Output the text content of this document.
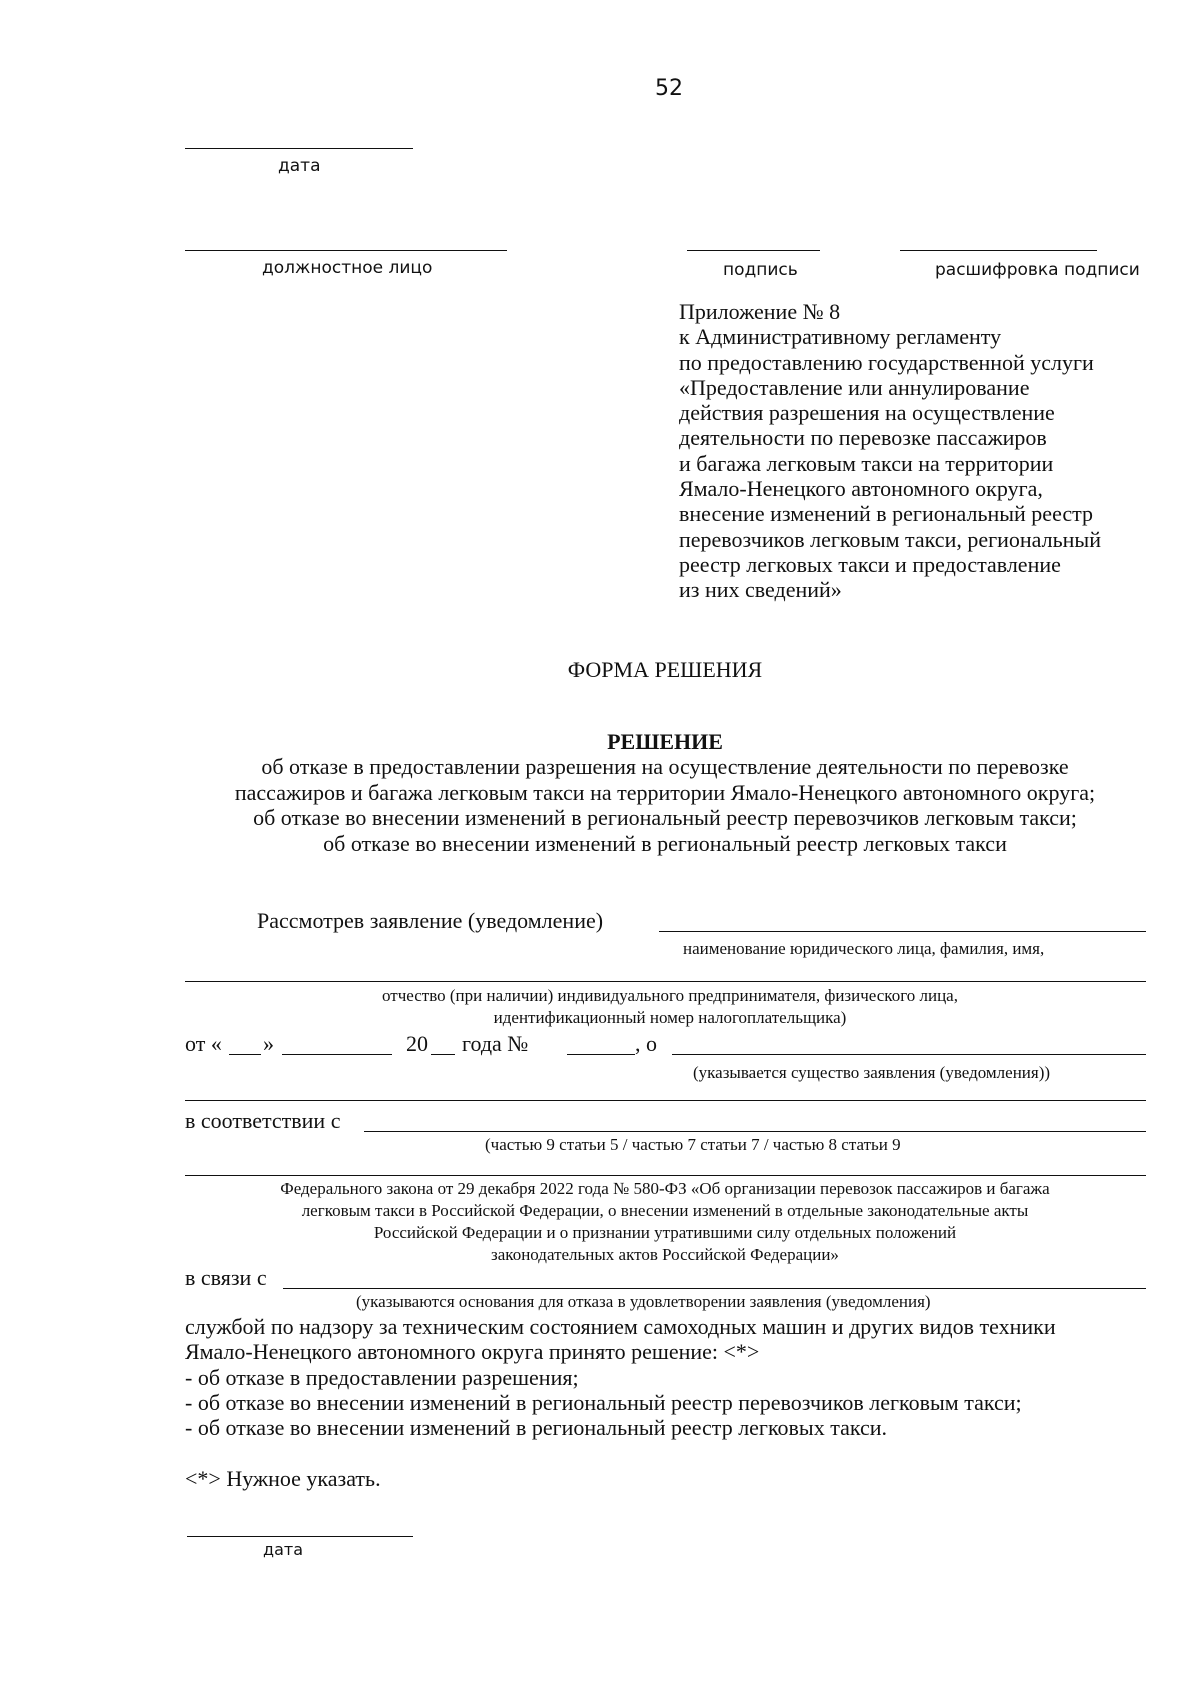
52
дата
должностное лицо	подпись	расшифровка подписи
Приложение № 8
к Административному регламенту
по предоставлению государственной услуги
«Предоставление или аннулирование
действия разрешения на осуществление
деятельности по перевозке пассажиров
и багажа легковым такси на территории
Ямало-Ненецкого автономного округа,
внесение изменений в региональный реестр
перевозчиков легковым такси, региональный
реестр легковых такси и предоставление
из них сведений»
ФОРМА РЕШЕНИЯ
РЕШЕНИЕ
об отказе в предоставлении разрешения на осуществление деятельности по перевозке
пассажиров и багажа легковым такси на территории Ямало-Ненецкого автономного округа;
об отказе во внесении изменений в региональный реестр перевозчиков легковым такси;
об отказе во внесении изменений в региональный реестр легковых такси
Рассмотрев заявление (уведомление)
наименование юридического лица, фамилия, имя,
отчество (при наличии) индивидуального предпринимателя, физического лица,
идентификационный номер налогоплательщика)
от « »	20 года №	, о
(указывается существо заявления (уведомления))
в соответствии с
(частью 9 статьи 5 / частью 7 статьи 7 / частью 8 статьи 9
Федерального закона от 29 декабря 2022 года № 580-ФЗ «Об организации перевозок пассажиров и багажа
легковым такси в Российской Федерации, о внесении изменений в отдельные законодательные акты
Российской Федерации и о признании утратившими силу отдельных положений
законодательных актов Российской Федерации»
в связи с
(указываются основания для отказа в удовлетворении заявления (уведомления)
службой по надзору за техническим состоянием самоходных машин и других видов техники
Ямало-Ненецкого автономного округа принято решение: <*>
- об отказе в предоставлении разрешения;
- об отказе во внесении изменений в региональный реестр перевозчиков легковым такси;
- об отказе во внесении изменений в региональный реестр легковых такси.
<*> Нужное указать.
дата
